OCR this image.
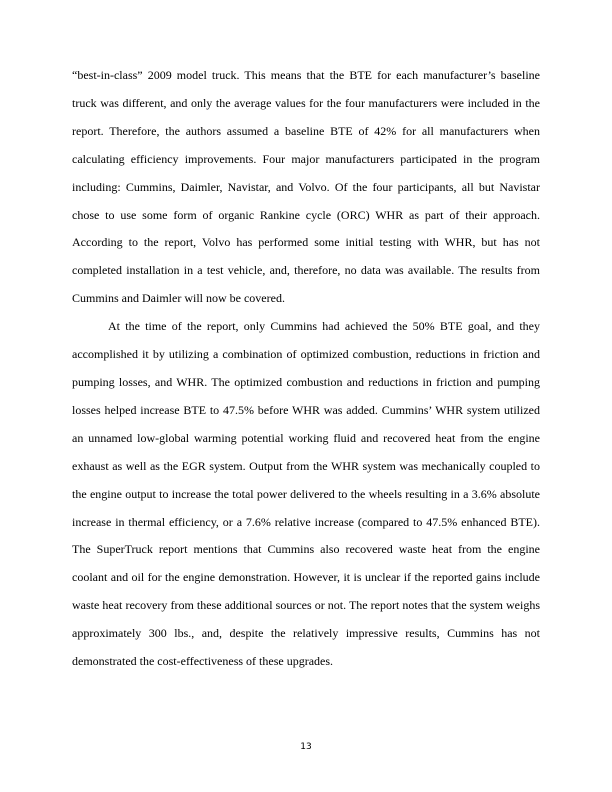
“best-in-class” 2009 model truck. This means that the BTE for each manufacturer’s baseline truck was different, and only the average values for the four manufacturers were included in the report. Therefore, the authors assumed a baseline BTE of 42% for all manufacturers when calculating efficiency improvements. Four major manufacturers participated in the program including: Cummins, Daimler, Navistar, and Volvo. Of the four participants, all but Navistar chose to use some form of organic Rankine cycle (ORC) WHR as part of their approach. According to the report, Volvo has performed some initial testing with WHR, but has not completed installation in a test vehicle, and, therefore, no data was available. The results from Cummins and Daimler will now be covered.

At the time of the report, only Cummins had achieved the 50% BTE goal, and they accomplished it by utilizing a combination of optimized combustion, reductions in friction and pumping losses, and WHR. The optimized combustion and reductions in friction and pumping losses helped increase BTE to 47.5% before WHR was added. Cummins’ WHR system utilized an unnamed low-global warming potential working fluid and recovered heat from the engine exhaust as well as the EGR system. Output from the WHR system was mechanically coupled to the engine output to increase the total power delivered to the wheels resulting in a 3.6% absolute increase in thermal efficiency, or a 7.6% relative increase (compared to 47.5% enhanced BTE). The SuperTruck report mentions that Cummins also recovered waste heat from the engine coolant and oil for the engine demonstration. However, it is unclear if the reported gains include waste heat recovery from these additional sources or not. The report notes that the system weighs approximately 300 lbs., and, despite the relatively impressive results, Cummins has not demonstrated the cost-effectiveness of these upgrades.

13
